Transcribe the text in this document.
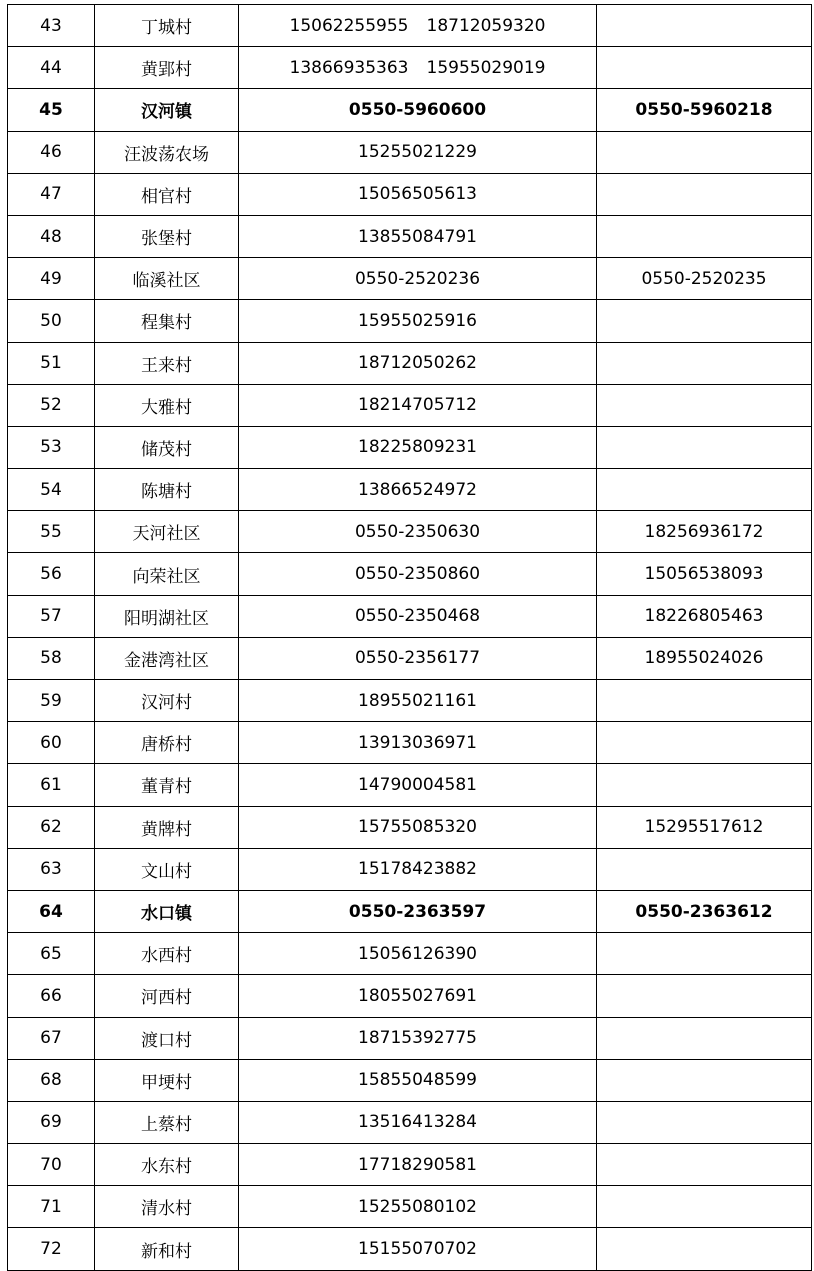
43	丁城村	15062255955 18712059320	
44	黄郢村	13866935363 15955029019	
45	汉河镇	0550-5960600	0550-5960218
46	汪波荡农场	15255021229	
47	相官村	15056505613	
48	张堡村	13855084791	
49	临溪社区	0550-2520236	0550-2520235
50	程集村	15955025916	
51	王来村	18712050262	
52	大雅村	18214705712	
53	储茂村	18225809231	
54	陈塘村	13866524972	
55	天河社区	0550-2350630	18256936172
56	向荣社区	0550-2350860	15056538093
57	阳明湖社区	0550-2350468	18226805463
58	金港湾社区	0550-2356177	18955024026
59	汉河村	18955021161	
60	唐桥村	13913036971	
61	董青村	14790004581	
62	黄牌村	15755085320	15295517612
63	文山村	15178423882	
64	水口镇	0550-2363597	0550-2363612
65	水西村	15056126390	
66	河西村	18055027691	
67	渡口村	18715392775	
68	甲埂村	15855048599	
69	上蔡村	13516413284	
70	水东村	17718290581	
71	清水村	15255080102	
72	新和村	15155070702	
